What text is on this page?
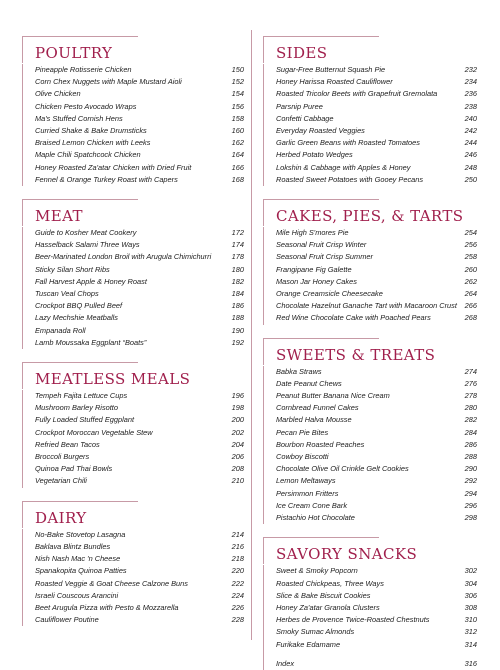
POULTRY
Pineapple Rotisserie Chicken	150
Corn Chex Nuggets with Maple Mustard Aioli	152
Olive Chicken	154
Chicken Pesto Avocado Wraps	156
Ma's Stuffed Cornish Hens	158
Curried Shake & Bake Drumsticks	160
Braised Lemon Chicken with Leeks	162
Maple Chili Spatchcock Chicken	164
Honey Roasted Za'atar Chicken with Dried Fruit	166
Fennel & Orange Turkey Roast with Capers	168
MEAT
Guide to Kosher Meat Cookery	172
Hasselback Salami Three Ways	174
Beer-Marinated London Broil with Arugula Chimichurri	178
Sticky Silan Short Ribs	180
Fall Harvest Apple & Honey Roast	182
Tuscan Veal Chops	184
Crockpot BBQ Pulled Beef	186
Lazy Mechshie Meatballs	188
Empanada Roll	190
Lamb Moussaka Eggplant “Boats”	192
MEATLESS MEALS
Tempeh Fajita Lettuce Cups	196
Mushroom Barley Risotto	198
Fully Loaded Stuffed Eggplant	200
Crockpot Moroccan Vegetable Stew	202
Refried Bean Tacos	204
Broccoli Burgers	206
Quinoa Pad Thai Bowls	208
Vegetarian Chili	210
DAIRY
No-Bake Stovetop Lasagna	214
Baklava Blintz Bundles	216
Nish Nash Mac 'n Cheese	218
Spanakopita Quinoa Patties	220
Roasted Veggie & Goat Cheese Calzone Buns	222
Israeli Couscous Arancini	224
Beet Arugula Pizza with Pesto & Mozzarella	226
Cauliflower Poutine	228
SIDES
Sugar-Free Butternut Squash Pie	232
Honey Harissa Roasted Cauliflower	234
Roasted Tricolor Beets with Grapefruit Gremolata	236
Parsnip Puree	238
Confetti Cabbage	240
Everyday Roasted Veggies	242
Garlic Green Beans with Roasted Tomatoes	244
Herbed Potato Wedges	246
Lokshin & Cabbage with Apples & Honey	248
Roasted Sweet Potatoes with Gooey Pecans	250
CAKES, PIES, & TARTS
Mile High S'mores Pie	254
Seasonal Fruit Crisp Winter	256
Seasonal Fruit Crisp Summer	258
Frangipane Fig Galette	260
Mason Jar Honey Cakes	262
Orange Creamsicle Cheesecake	264
Chocolate Hazelnut Ganache Tart with Macaroon Crust	266
Red Wine Chocolate Cake with Poached Pears	268
SWEETS & TREATS
Babka Straws	274
Date Peanut Chews	276
Peanut Butter Banana Nice Cream	278
Cornbread Funnel Cakes	280
Marbled Halva Mousse	282
Pecan Pie Bites	284
Bourbon Roasted Peaches	286
Cowboy Biscotti	288
Chocolate Olive Oil Crinkle Gelt Cookies	290
Lemon Meltaways	292
Persimmon Fritters	294
Ice Cream Cone Bark	296
Pistachio Hot Chocolate	298
SAVORY SNACKS
Sweet & Smoky Popcorn	302
Roasted Chickpeas, Three Ways	304
Slice & Bake Biscuit Cookies	306
Honey Za'atar Granola Clusters	308
Herbes de Provence Twice-Roasted Chestnuts	310
Smoky Sumac Almonds	312
Furikake Edamame	314
Index	316
